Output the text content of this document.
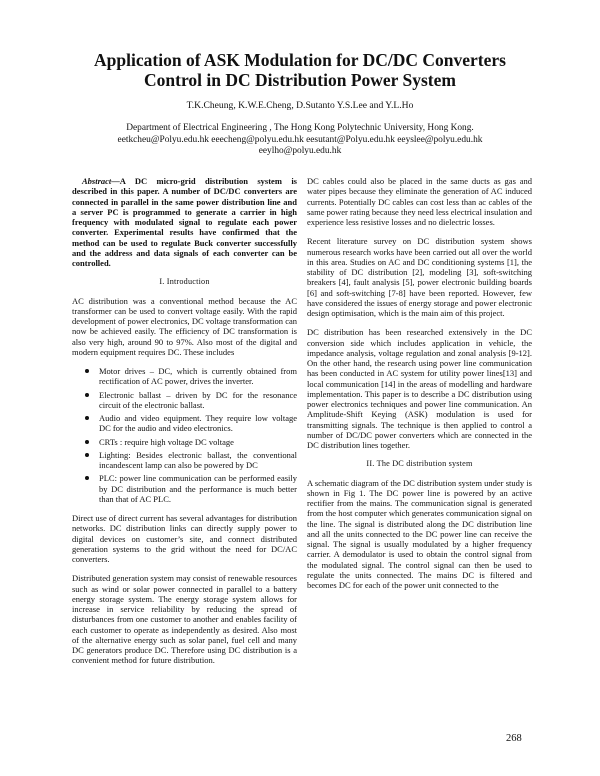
Application of ASK Modulation for DC/DC Converters
Control in DC Distribution Power System
T.K.Cheung, K.W.E.Cheng, D.Sutanto Y.S.Lee and Y.L.Ho
Department of Electrical Engineering , The Hong Kong Polytechnic University, Hong Kong.
eetkcheu@Polyu.edu.hk eeecheng@polyu.edu.hk eesutant@Polyu.edu.hk eeyslee@polyu.edu.hk
eeylho@polyu.edu.hk

Abstract—A DC micro-grid distribution system is described in this paper. A number of DC/DC converters are connected in parallel in the same power distribution line and a server PC is programmed to generate a carrier in high frequency with modulated signal to regulate each power converter. Experimental results have confirmed that the method can be used to regulate Buck converter successfully and the address and data signals of each converter can be controlled.

I. Introduction

AC distribution was a conventional method because the AC transformer can be used to convert voltage easily. With the rapid development of power electronics, DC voltage transformation can now be achieved easily. The efficiency of DC transformation is also very high, around 90 to 97%. Also most of the digital and modern equipment requires DC. These includes

Motor drives – DC, which is currently obtained from rectification of AC power, drives the inverter.
Electronic ballast – driven by DC for the resonance circuit of the electronic ballast.
Audio and video equipment. They require low voltage DC for the audio and video electronics.
CRTs : require high voltage DC voltage
Lighting: Besides electronic ballast, the conventional incandescent lamp can also be powered by DC
PLC: power line communication can be performed easily by DC distribution and the performance is much better than that of AC PLC.

Direct use of direct current has several advantages for distribution networks. DC distribution links can directly supply power to digital devices on customer’s site, and connect distributed generation systems to the grid without the need for DC/AC converters.

Distributed generation system may consist of renewable resources such as wind or solar power connected in parallel to a battery energy storage system. The energy storage system allows for increase in service reliability by reducing the spread of disturbances from one customer to another and enables facility of each customer to operate as independently as desired. Also most of the alternative energy such as solar panel, fuel cell and many DC generators produce DC. Therefore using DC distribution is a convenient method for future distribution.

DC cables could also be placed in the same ducts as gas and water pipes because they eliminate the generation of AC induced currents. Potentially DC cables can cost less than ac cables of the same power rating because they need less electrical insulation and experience less resistive losses and no dielectric losses.

Recent literature survey on DC distribution system shows numerous research works have been carried out all over the world in this area. Studies on AC and DC conditioning systems [1], the stability of DC distribution [2], modeling [3], soft-switching breakers [4], fault analysis [5], power electronic building boards [6] and soft-switching [7-8] have been reported. However, few have considered the issues of energy storage and power electronic design optimisation, which is the main aim of this project.

DC distribution has been researched extensively in the DC conversion side which includes application in vehicle, the impedance analysis, voltage regulation and zonal analysis [9-12]. On the other hand, the research using power line communication has been conducted in AC system for utility power lines[13] and local communication [14] in the areas of modelling and hardware implementation. This paper is to describe a DC distribution using power electronics techniques and power line communication. An Amplitude-Shift Keying (ASK) modulation is used for transmitting signals. The technique is then applied to control a number of DC/DC power converters which are connected in the DC distribution lines together.

II. The DC distribution system

A schematic diagram of the DC distribution system under study is shown in Fig 1. The DC power line is powered by an active rectifier from the mains. The communication signal is generated from the host computer which generates communication signal on the line. The signal is distributed along the DC distribution line and all the units connected to the DC power line can receive the signal. The signal is usually modulated by a higher frequency carrier. A demodulator is used to obtain the control signal from the modulated signal. The control signal can then be used to regulate the units connected. The mains DC is filtered and becomes DC for each of the power unit connected to the

268
